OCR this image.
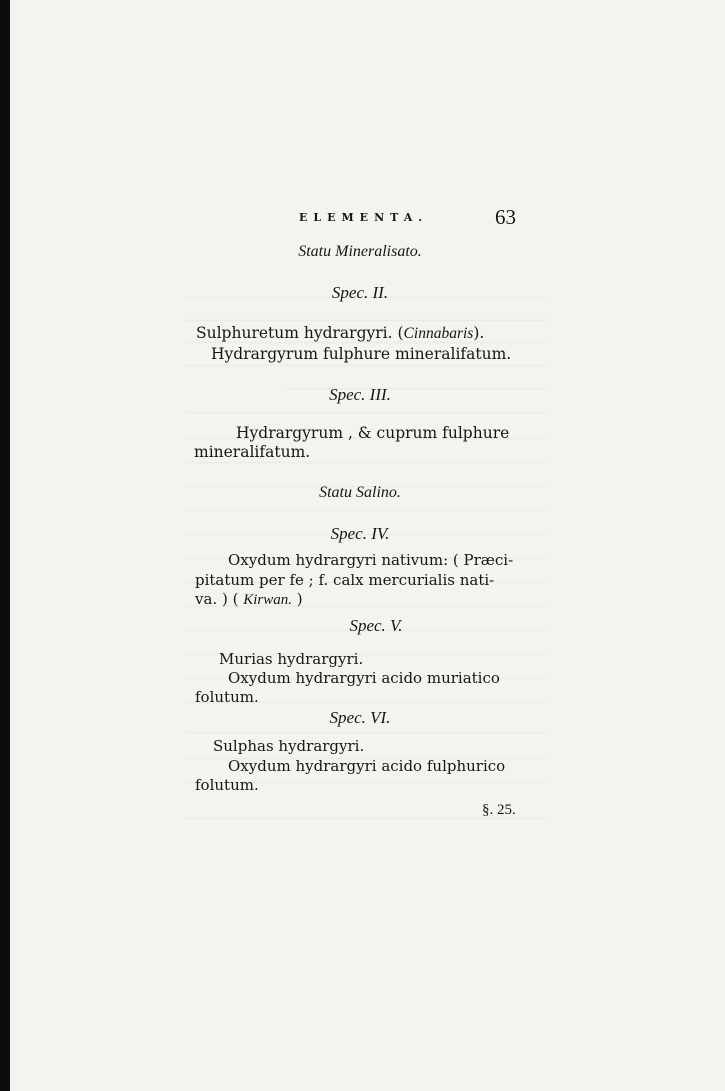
ELEMENTA.	63
Statu Mineralisato.
Spec. II.
Sulphuretum hydrargyri. (Cinnabaris).
Hydrargyrum fulphure mineralifatum.
Spec. III.
Hydrargyrum , & cuprum fulphure
mineralifatum.
Statu Salino.
Spec. IV.
Oxydum hydrargyri nativum: ( Præci-
pitatum per fe ; f. calx mercurialis nati-
va. ) ( Kirwan. )
Spec. V.
Murias hydrargyri.
Oxydum hydrargyri acido muriatico
folutum.
Spec. VI.
Sulphas hydrargyri.
Oxydum hydrargyri acido fulphurico
folutum.
§. 25.
